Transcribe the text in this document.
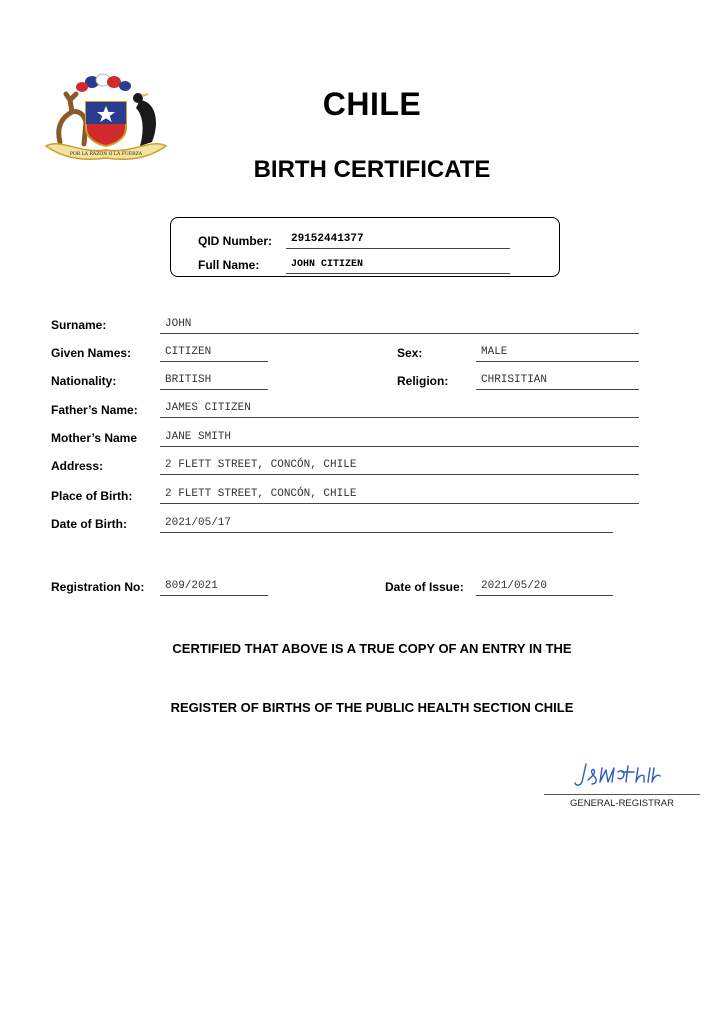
POR LA RAZON O LA FUERZA
CHILE
BIRTH CERTIFICATE
QID Number:	29152441377
Full Name:	JOHN CITIZEN
Surname:	JOHN
Given Names:	CITIZEN	Sex:	MALE
Nationality:	BRITISH	Religion:	CHRISITIAN
Father’s Name:	JAMES CITIZEN
Mother’s Name	JANE SMITH
Address:	2 FLETT STREET, CONCÓN, CHILE
Place of Birth:	2 FLETT STREET, CONCÓN, CHILE
Date of Birth:	2021/05/17
Registration No:	809/2021	Date of Issue:	2021/05/20
CERTIFIED THAT ABOVE IS A TRUE COPY OF AN ENTRY IN THE
REGISTER OF BIRTHS OF THE PUBLIC HEALTH SECTION CHILE
GENERAL-REGISTRAR
